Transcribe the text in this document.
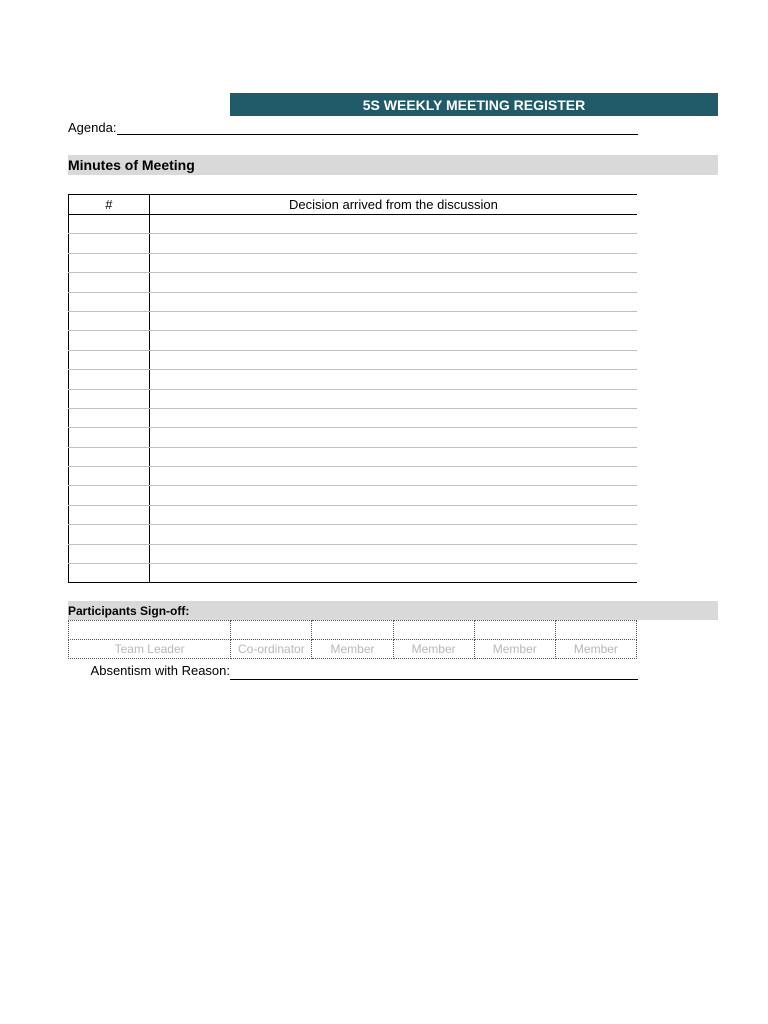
5S WEEKLY MEETING REGISTER
Agenda:
Minutes of Meeting
#	Decision arrived from the discussion

Participants Sign-off:

Team Leader	Co-ordinator	Member	Member	Member	Member
Absentism with Reason:
